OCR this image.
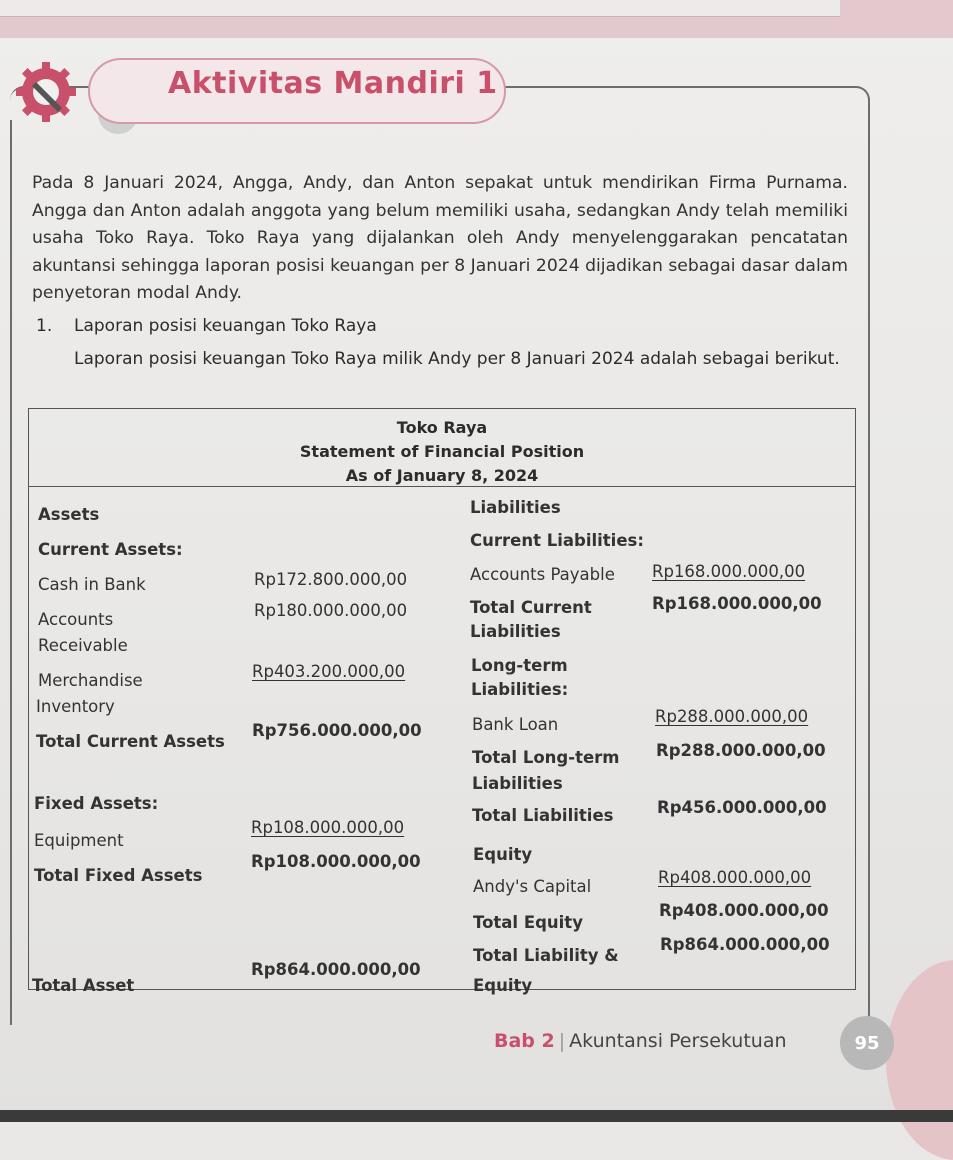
Aktivitas Mandiri 1
Pada 8 Januari 2024, Angga, Andy, dan Anton sepakat untuk mendirikan Firma Purnama. Angga dan Anton adalah anggota yang belum memiliki usaha, sedangkan Andy telah memiliki usaha Toko Raya. Toko Raya yang dijalankan oleh Andy menyelenggarakan pencatatan akuntansi sehingga laporan posisi keuangan per 8 Januari 2024 dijadikan sebagai dasar dalam penyetoran modal Andy.
1. Laporan posisi keuangan Toko Raya
Laporan posisi keuangan Toko Raya milik Andy per 8 Januari 2024 adalah sebagai berikut.
Toko Raya
Statement of Financial Position
As of January 8, 2024
Assets
Current Assets:
Cash in Bank	Rp172.800.000,00
Accounts
Receivable
Rp180.000.000,00
Merchandise
Inventory
Rp403.200.000,00
Total Current Assets
Rp756.000.000,00
Fixed Assets:
Equipment
Rp108.000.000,00
Total Fixed Assets
Rp108.000.000,00
Total Asset
Rp864.000.000,00
Liabilities
Current Liabilities:
Accounts Payable Rp168.000.000,00
Total Current
Liabilities
Rp168.000.000,00
Long-term
Liabilities:
Bank Loan	Rp288.000.000,00
Total Long-term
Liabilities
Rp288.000.000,00
Total Liabilities	Rp456.000.000,00
Equity
Andy's Capital	Rp408.000.000,00
Total Equity
Rp408.000.000,00
Total Liability &
Equity
Rp864.000.000,00
Bab 2 | Akuntansi Persekutuan	95
